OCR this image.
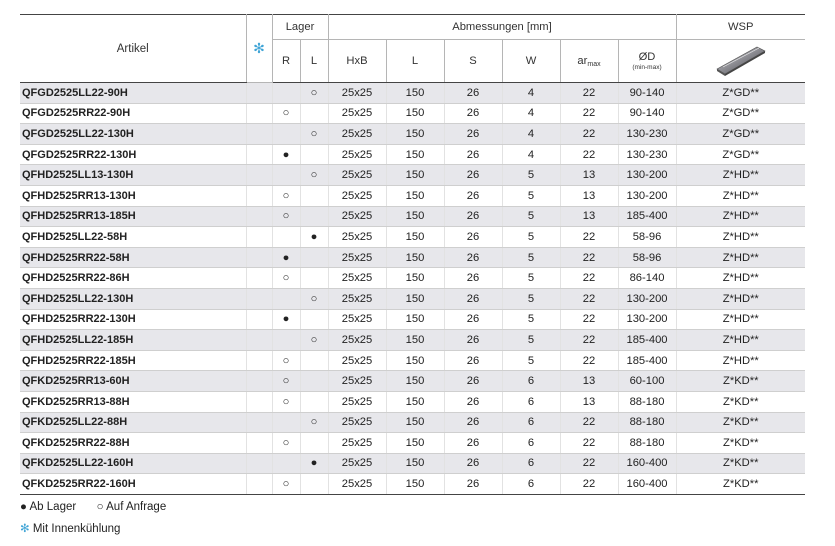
Artikel	✻	Lager		Abmessungen [mm]						WSP
		R	L	HxB	L	S	W	$ar_{max}$	ØD
(min-max)

QFGD2525LL22-90H			○	25x25	150	26	4	22	90-140	Z*GD**
QFGD2525RR22-90H		○		25x25	150	26	4	22	90-140	Z*GD**
QFGD2525LL22-130H			○	25x25	150	26	4	22	130-230	Z*GD**
QFGD2525RR22-130H		●		25x25	150	26	4	22	130-230	Z*GD**
QFHD2525LL13-130H			○	25x25	150	26	5	13	130-200	Z*HD**
QFHD2525RR13-130H		○		25x25	150	26	5	13	130-200	Z*HD**
QFHD2525RR13-185H		○		25x25	150	26	5	13	185-400	Z*HD**
QFHD2525LL22-58H			●	25x25	150	26	5	22	58-96	Z*HD**
QFHD2525RR22-58H		●		25x25	150	26	5	22	58-96	Z*HD**
QFHD2525RR22-86H		○		25x25	150	26	5	22	86-140	Z*HD**
QFHD2525LL22-130H			○	25x25	150	26	5	22	130-200	Z*HD**
QFHD2525RR22-130H		●		25x25	150	26	5	22	130-200	Z*HD**
QFHD2525LL22-185H			○	25x25	150	26	5	22	185-400	Z*HD**
QFHD2525RR22-185H		○		25x25	150	26	5	22	185-400	Z*HD**
QFKD2525RR13-60H		○		25x25	150	26	6	13	60-100	Z*KD**
QFKD2525RR13-88H		○		25x25	150	26	6	13	88-180	Z*KD**
QFKD2525LL22-88H			○	25x25	150	26	6	22	88-180	Z*KD**
QFKD2525RR22-88H		○		25x25	150	26	6	22	88-180	Z*KD**
QFKD2525LL22-160H			●	25x25	150	26	6	22	160-400	Z*KD**
QFKD2525RR22-160H		○		25x25	150	26	6	22	160-400	Z*KD**
● Ab Lager ○ Auf Anfrage
✻ Mit Innenkühlung
